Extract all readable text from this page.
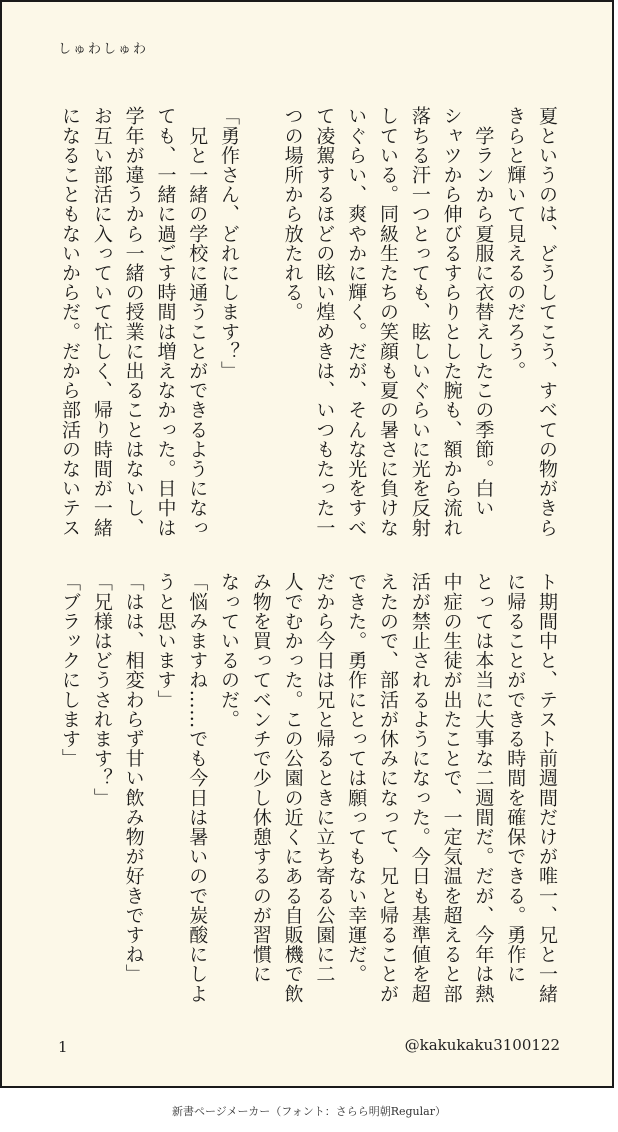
しゅわしゅわ
夏というのは、どうしてこう、すべての物がきら
きらと輝いて見えるのだろう。
　学ランから夏服に衣替えしたこの季節。白い
シャツから伸びるすらりとした腕も、額から流れ
落ちる汗一つとっても、眩しいぐらいに光を反射
している。同級生たちの笑顔も夏の暑さに負けな
いぐらい、爽やかに輝く。だが、そんな光をすべ
て凌駕するほどの眩い煌めきは、いつもたった一
つの場所から放たれる。

「勇作さん、どれにします？」
　兄と一緒の学校に通うことができるようになっ
ても、一緒に過ごす時間は増えなかった。日中は
学年が違うから一緒の授業に出ることはないし、
お互い部活に入っていて忙しく、帰り時間が一緒
になることもないからだ。だから部活のないテス
ト期間中と、テスト前週間だけが唯一、兄と一緒
に帰ることができる時間を確保できる。勇作に
とっては本当に大事な二週間だ。だが、今年は熱
中症の生徒が出たことで、一定気温を超えると部
活が禁止されるようになった。今日も基準値を超
えたので、部活が休みになって、兄と帰ることが
できた。勇作にとっては願ってもない幸運だ。
だから今日は兄と帰るときに立ち寄る公園に二
人でむかった。この公園の近くにある自販機で飲
み物を買ってベンチで少し休憩するのが習慣に
なっているのだ。
「悩みますね……でも今日は暑いので炭酸にしよ
うと思います」
「はは、相変わらず甘い飲み物が好きですね」
「兄様はどうされます？」
「ブラックにします」
1	@kakukaku3100122
新書ページメーカー（フォント：さらら明朝Regular）
